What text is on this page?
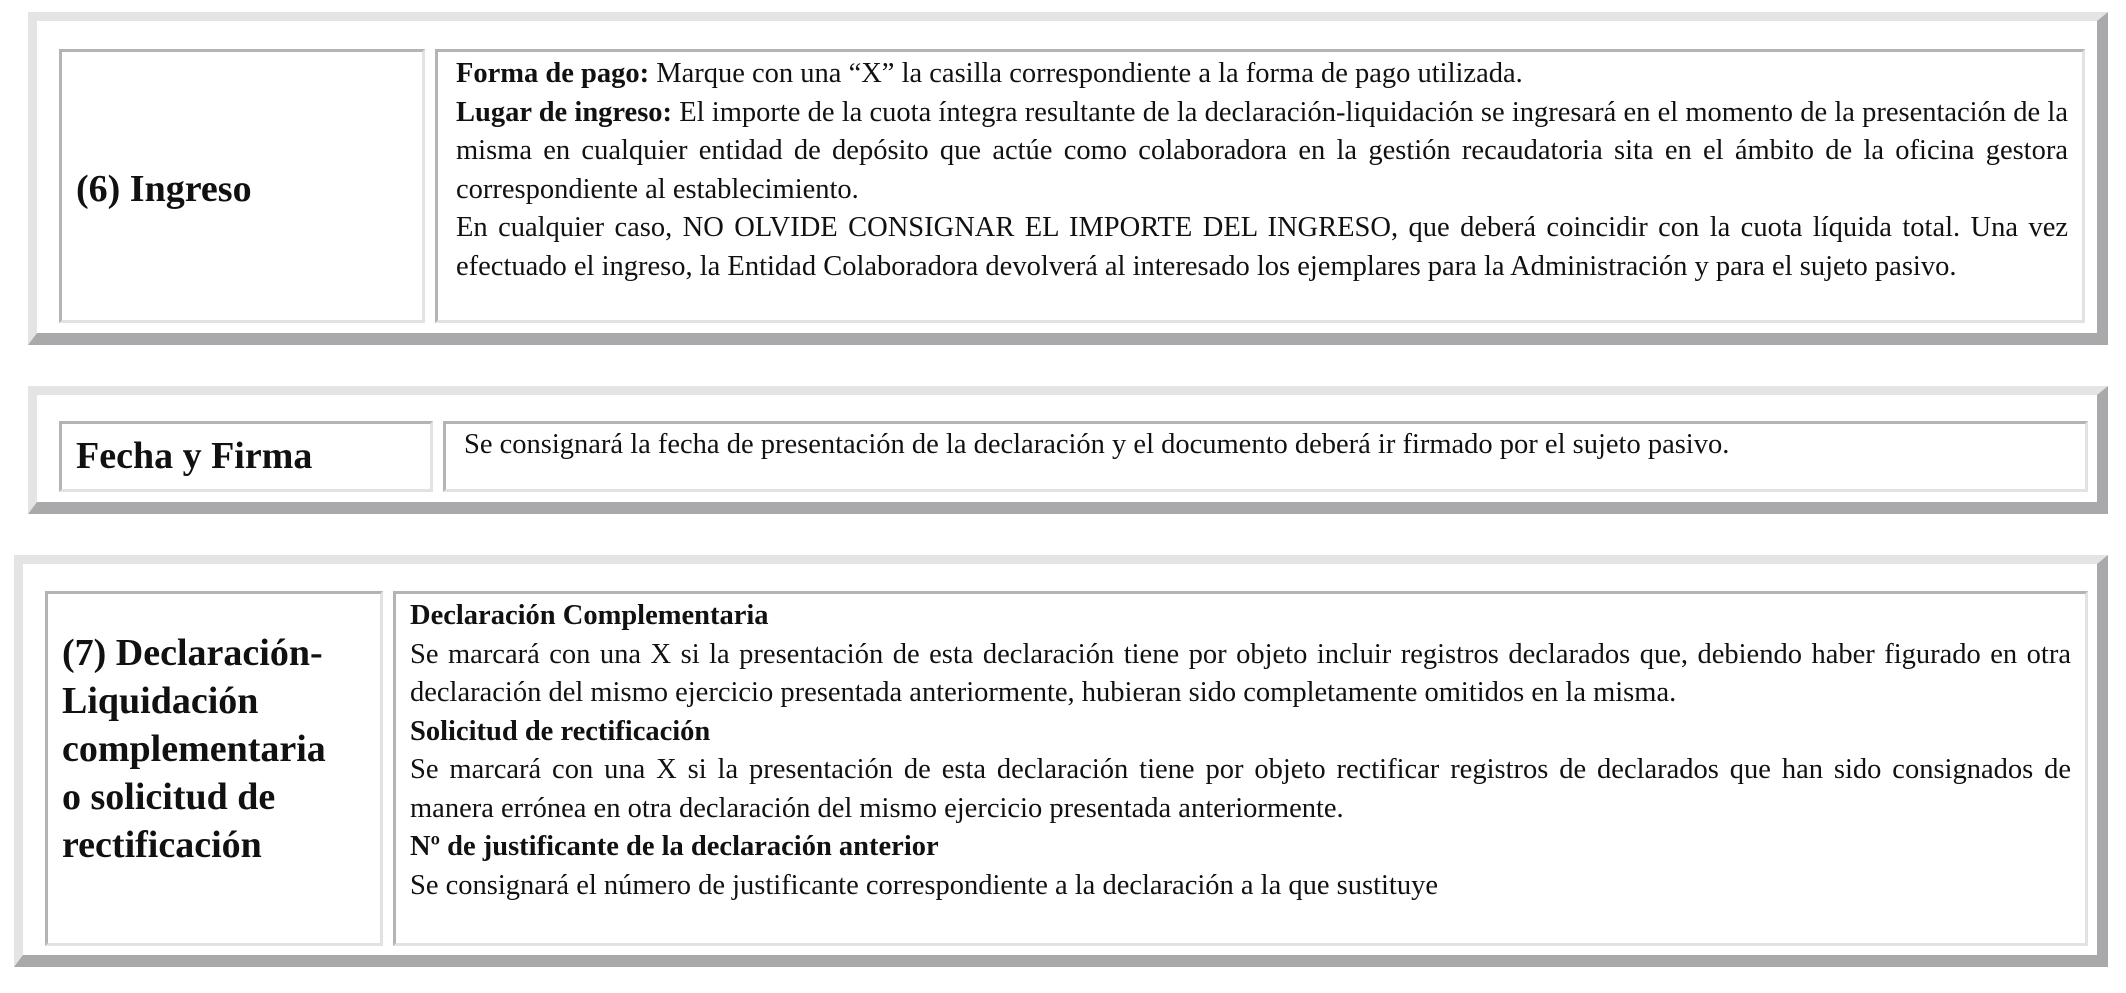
(6) Ingreso

Forma de pago: Marque con una “X” la casilla correspondiente a la forma de pago utilizada.

Lugar de ingreso: El importe de la cuota íntegra resultante de la declaración-liquidación se ingresará en el momento de la presentación de la misma en cualquier entidad de depósito que actúe como colaboradora en la gestión recaudatoria sita en el ámbito de la oficina gestora correspondiente al establecimiento.

En cualquier caso, NO OLVIDE CONSIGNAR EL IMPORTE DEL INGRESO, que deberá coincidir con la cuota líquida total. Una vez efectuado el ingreso, la Entidad Colaboradora devolverá al interesado los ejemplares para la Administración y para el sujeto pasivo.

Fecha y Firma	Se consignará la fecha de presentación de la declaración y el documento deberá ir firmado por el sujeto pasivo.

(7) Declaración-
Liquidación
complementaria
o solicitud de
rectificación

Declaración Complementaria

Se marcará con una X si la presentación de esta declaración tiene por objeto incluir registros declarados que, debiendo haber figurado en otra declaración del mismo ejercicio presentada anteriormente, hubieran sido completamente omitidos en la misma.

Solicitud de rectificación

Se marcará con una X si la presentación de esta declaración tiene por objeto rectificar registros de declarados que han sido consignados de manera errónea en otra declaración del mismo ejercicio presentada anteriormente.

Nº de justificante de la declaración anterior

Se consignará el número de justificante correspondiente a la declaración a la que sustituye
